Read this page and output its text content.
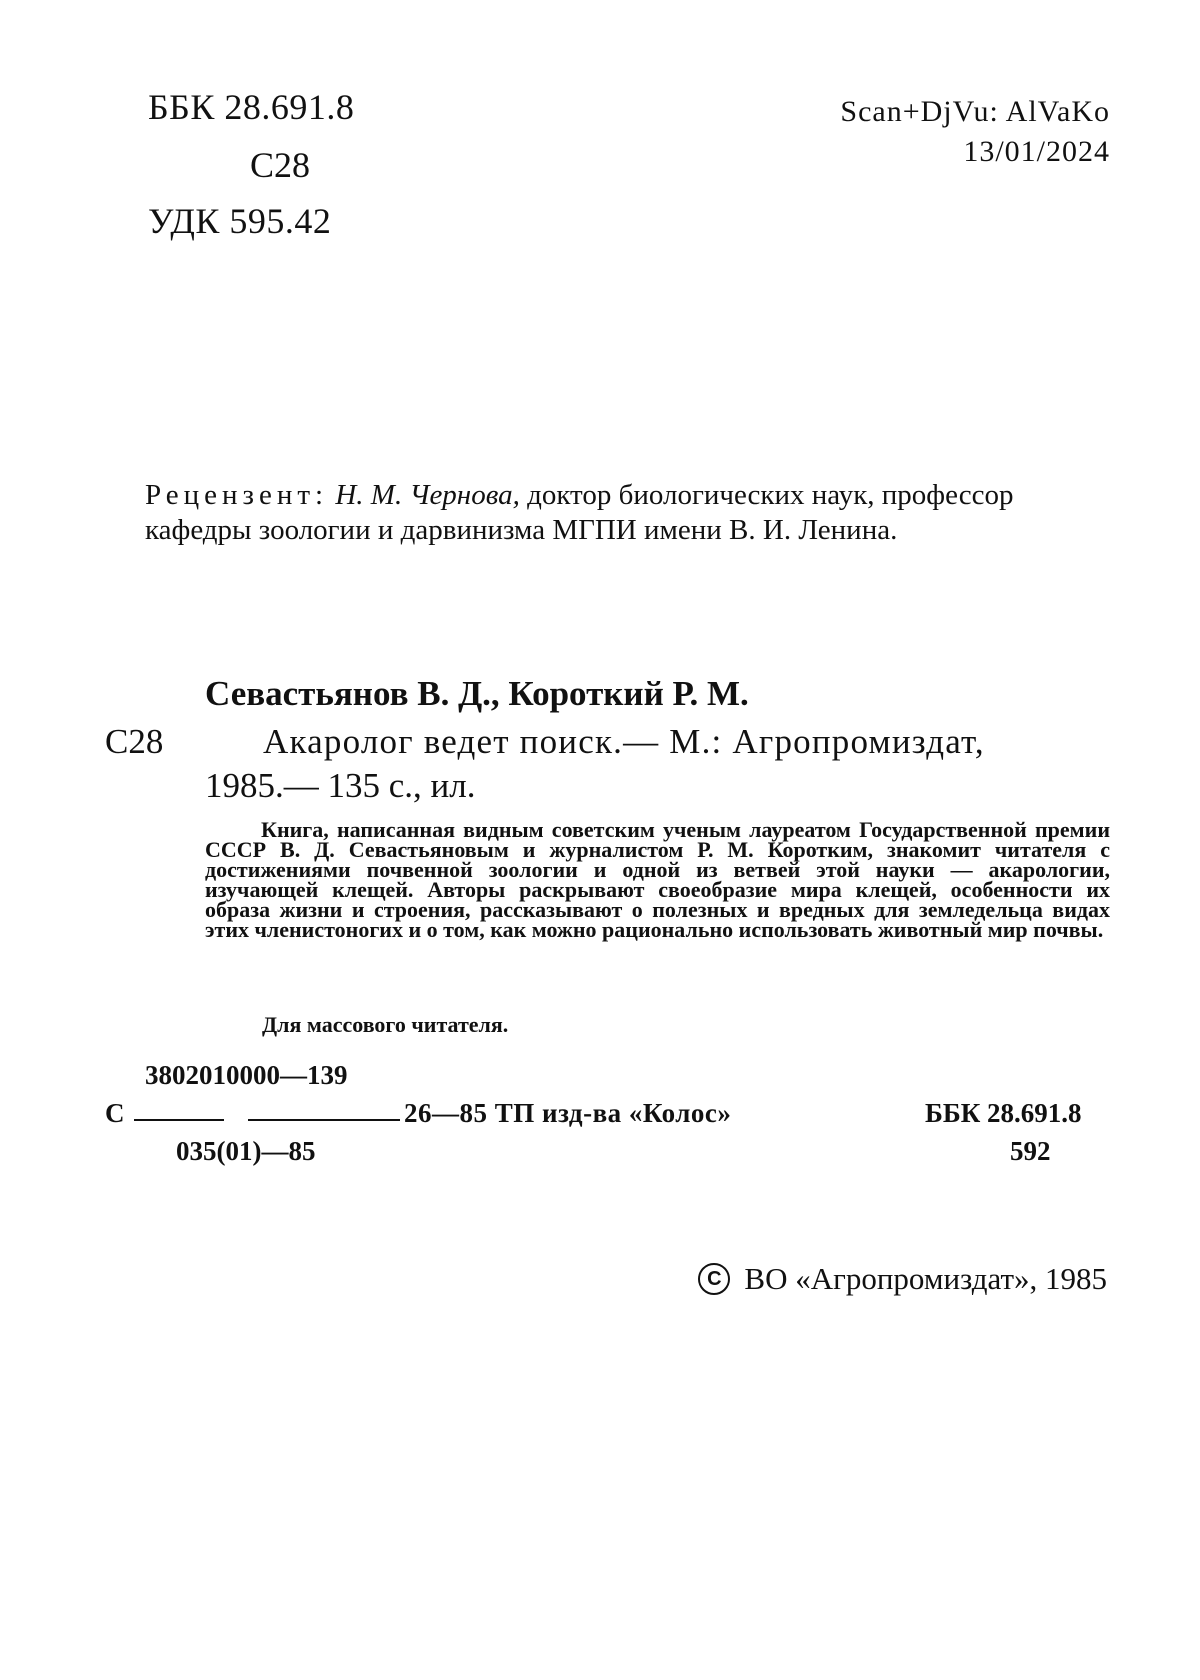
ББК 28.691.8
С28
УДК 595.42
Scan+DjVu: AlVaKo
13/01/2024
Рецензент: Н. М. Чернова, доктор биологических наук, профессор кафедры зоологии и дарвинизма МГПИ имени В. И. Ленина.
Севастьянов В. Д., Короткий Р. М.
С28	Акаролог ведет поиск.— М.: Агропромиздат,
1985.— 135 с., ил.

Книга, написанная видным советским ученым лауреатом Государственной премии СССР В. Д. Севастьяновым и журналистом Р. М. Коротким, знакомит читателя с достижениями почвенной зоологии и одной из ветвей этой науки — акарологии, изучающей клещей. Авторы раскрывают своеобразие мира клещей, особенности их образа жизни и строения, рассказывают о полезных и вредных для земледельца видах этих членистоногих и о том, как можно рационально использовать животный мир почвы.

Для массового читателя.
3802010000—139
С	26—85 ТП изд-ва «Колос»
035(01)—85
ББК 28.691.8
592
C ВО «Агропромиздат», 1985
